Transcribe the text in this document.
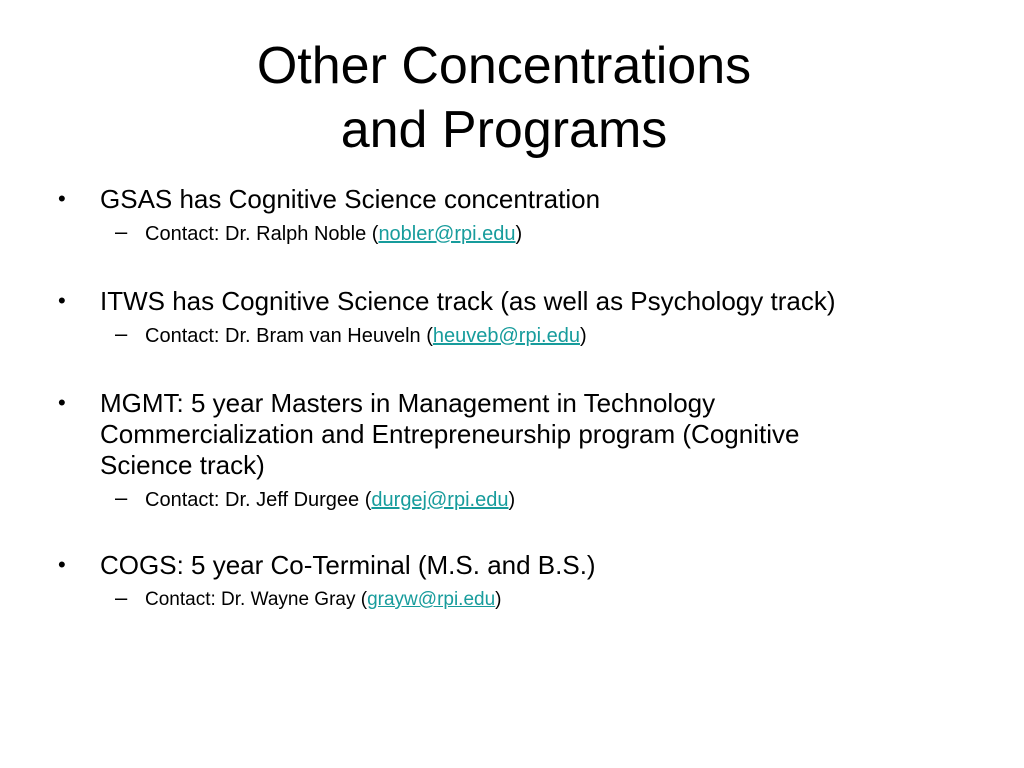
Other Concentrations
and Programs
• GSAS has Cognitive Science concentration
– Contact: Dr. Ralph Noble (nobler@rpi.edu)
• ITWS has Cognitive Science track (as well as Psychology track)
– Contact: Dr. Bram van Heuveln (heuveb@rpi.edu)
• MGMT: 5 year Masters in Management in Technology
Commercialization and Entrepreneurship program (Cognitive
Science track)
– Contact: Dr. Jeff Durgee (durgej@rpi.edu)
• COGS: 5 year Co-Terminal (M.S. and B.S.)
– Contact: Dr. Wayne Gray (grayw@rpi.edu)
